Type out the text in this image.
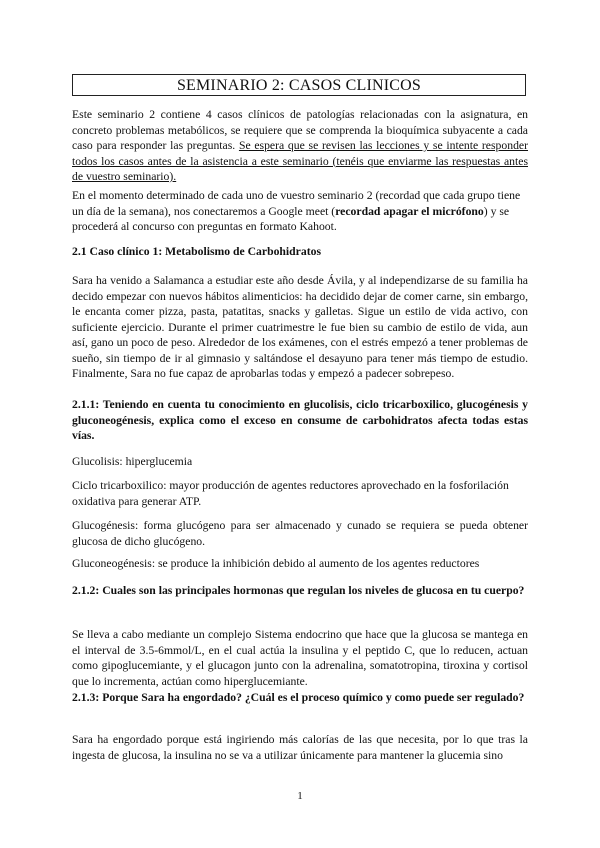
SEMINARIO 2: CASOS CLINICOS
Este seminario 2 contiene 4 casos clínicos de patologías relacionadas con la asignatura, en concreto problemas metabólicos, se requiere que se comprenda la bioquímica subyacente a cada caso para responder las preguntas. Se espera que se revisen las lecciones y se intente responder todos los casos antes de la asistencia a este seminario (tenéis que enviarme las respuestas antes de vuestro seminario).
En el momento determinado de cada uno de vuestro seminario 2 (recordad que cada grupo tiene un día de la semana), nos conectaremos a Google meet (recordad apagar el micrófono) y se procederá al concurso con preguntas en formato Kahoot.
2.1 Caso clínico 1: Metabolismo de Carbohidratos
Sara ha venido a Salamanca a estudiar este año desde Ávila, y al independizarse de su familia ha decido empezar con nuevos hábitos alimenticios: ha decidido dejar de comer carne, sin embargo, le encanta comer pizza, pasta, patatitas, snacks y galletas. Sigue un estilo de vida activo, con suficiente ejercicio. Durante el primer cuatrimestre le fue bien su cambio de estilo de vida, aun así, gano un poco de peso. Alrededor de los exámenes, con el estrés empezó a tener problemas de sueño, sin tiempo de ir al gimnasio y saltándose el desayuno para tener más tiempo de estudio. Finalmente, Sara no fue capaz de aprobarlas todas y empezó a padecer sobrepeso.
2.1.1: Teniendo en cuenta tu conocimiento en glucolisis, ciclo tricarboxilico, glucogénesis y gluconeogénesis, explica como el exceso en consume de carbohidratos afecta todas estas vías.
Glucolisis: hiperglucemia
Ciclo tricarboxilico: mayor producción de agentes reductores aprovechado en la fosforilación oxidativa para generar ATP.
Glucogénesis: forma glucógeno para ser almacenado y cunado se requiera se pueda obtener glucosa de dicho glucógeno.
Gluconeogénesis: se produce la inhibición debido al aumento de los agentes reductores
2.1.2: Cuales son las principales hormonas que regulan los niveles de glucosa en tu cuerpo?
Se lleva a cabo mediante un complejo Sistema endocrino que hace que la glucosa se mantega en el interval de 3.5-6mmol/L, en el cual actúa la insulina y el peptido C, que lo reducen, actuan como gipoglucemiante, y el glucagon junto con la adrenalina, somatotropina, tiroxina y cortisol que lo incrementa, actúan como hiperglucemiante.
2.1.3: Porque Sara ha engordado? ¿Cuál es el proceso químico y como puede ser regulado?
Sara ha engordado porque está ingiriendo más calorías de las que necesita, por lo que tras la ingesta de glucosa, la insulina no se va a utilizar únicamente para mantener la glucemia sino
1
